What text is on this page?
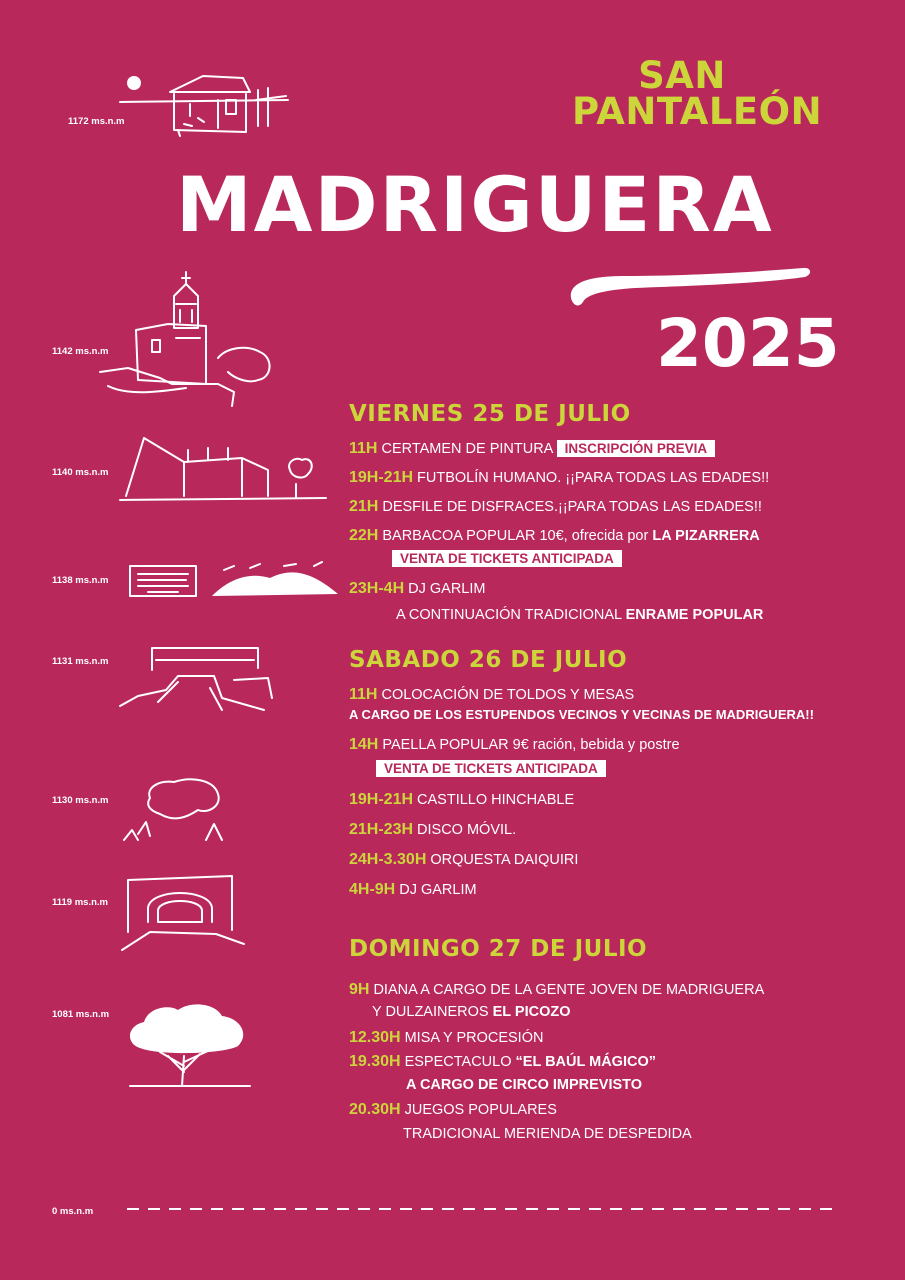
SAN
PANTALEÓN
MADRIGUERA
2025
1172 ms.n.m
1142 ms.n.m
1140 ms.n.m
1138 ms.n.m
1131 ms.n.m
1130 ms.n.m
1119 ms.n.m
1081 ms.n.m
0 ms.n.m
VIERNES 25 DE JULIO
11H CERTAMEN DE PINTURA INSCRIPCIÓN PREVIA
19H-21H FUTBOLÍN HUMANO. ¡¡PARA TODAS LAS EDADES!!
21H DESFILE DE DISFRACES.¡¡PARA TODAS LAS EDADES!!
22H BARBACOA POPULAR 10€, ofrecida por LA PIZARRERA
VENTA DE TICKETS ANTICIPADA
23H-4H DJ GARLIM
A CONTINUACIÓN TRADICIONAL ENRAME POPULAR
SABADO 26 DE JULIO
11H COLOCACIÓN DE TOLDOS Y MESAS
A CARGO DE LOS ESTUPENDOS VECINOS Y VECINAS DE MADRIGUERA!!
14H PAELLA POPULAR 9€ ración, bebida y postre
VENTA DE TICKETS ANTICIPADA
19H-21H CASTILLO HINCHABLE
21H-23H DISCO MÓVIL.
24H-3.30H ORQUESTA DAIQUIRI
4H-9H DJ GARLIM
DOMINGO 27 DE JULIO
9H DIANA A CARGO DE LA GENTE JOVEN DE MADRIGUERA
Y DULZAINEROS EL PICOZO
12.30H MISA Y PROCESIÓN
19.30H ESPECTACULO “EL BAÚL MÁGICO”
A CARGO DE CIRCO IMPREVISTO
20.30H JUEGOS POPULARES
TRADICIONAL MERIENDA DE DESPEDIDA
